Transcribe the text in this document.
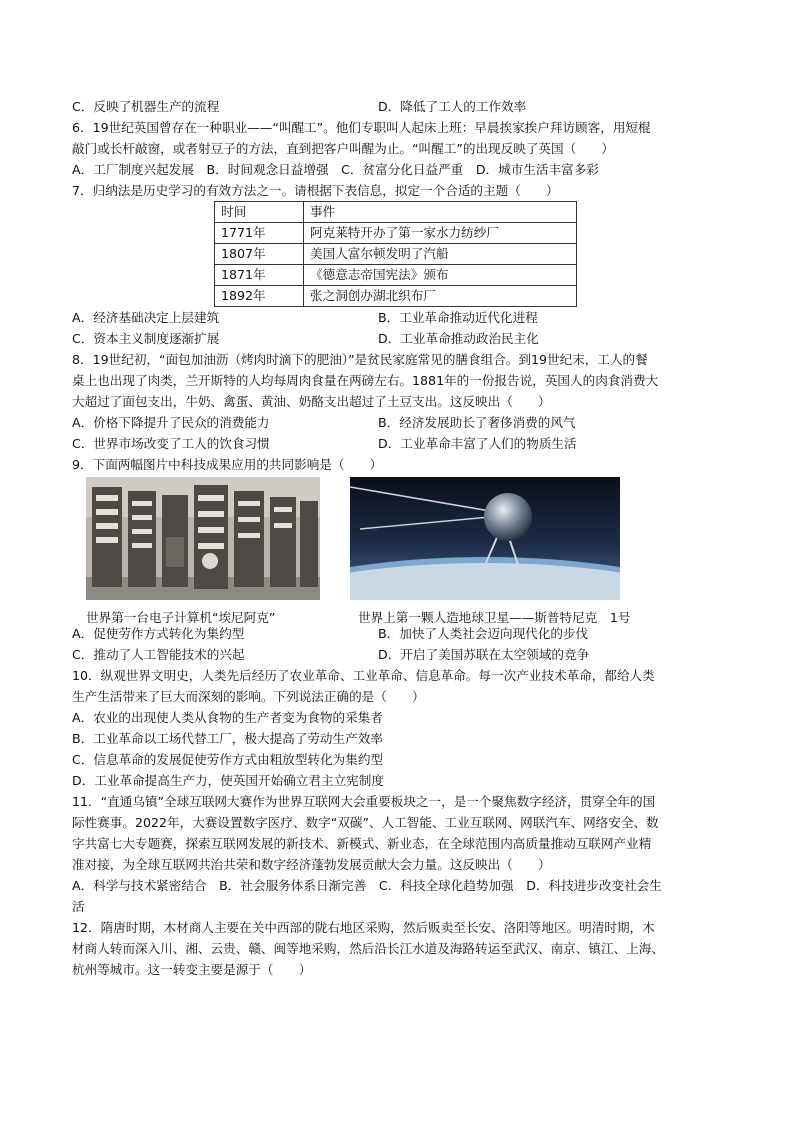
C．反映了机器生产的流程	D．降低了工人的工作效率
6．19世纪英国曾存在一种职业——“叫醒工”。他们专职叫人起床上班：早晨挨家挨户拜访顾客，用短棍
敲门或长杆敲窗，或者射豆子的方法，直到把客户叫醒为止。“叫醒工”的出现反映了英国（　　）
A．工厂制度兴起发展　B．时间观念日益增强　C．贫富分化日益严重　D．城市生活丰富多彩
7．归纳法是历史学习的有效方法之一。请根据下表信息，拟定一个合适的主题（　　）
时间	事件
1771年	阿克莱特开办了第一家水力纺纱厂
1807年	美国人富尔顿发明了汽船
1871年	《德意志帝国宪法》颁布
1892年	张之洞创办湖北织布厂
A．经济基础决定上层建筑	B．工业革命推动近代化进程
C．资本主义制度逐渐扩展	D．工业革命推动政治民主化
8．19世纪初，“面包加油沥（烤肉时滴下的肥油）”是贫民家庭常见的膳食组合。到19世纪末，工人的餐
桌上也出现了肉类，兰开斯特的人均每周肉食量在两磅左右。1881年的一份报告说，英国人的肉食消费大
大超过了面包支出，牛奶、禽蛋、黄油、奶酪支出超过了土豆支出。这反映出（　　）
A．价格下降提升了民众的消费能力	B．经济发展助长了奢侈消费的风气
C．世界市场改变了工人的饮食习惯	D．工业革命丰富了人们的物质生活
9．下面两幅图片中科技成果应用的共同影响是（　　）
世界第一台电子计算机“埃尼阿克”	世界上第一颗人造地球卫星——斯普特尼克　1号
A．促使劳作方式转化为集约型	B．加快了人类社会迈向现代化的步伐
C．推动了人工智能技术的兴起	D．开启了美国苏联在太空领域的竞争
10．纵观世界文明史，人类先后经历了农业革命、工业革命、信息革命。每一次产业技术革命，都给人类
生产生活带来了巨大而深刻的影响。下列说法正确的是（　　）
A．农业的出现使人类从食物的生产者变为食物的采集者
B．工业革命以工场代替工厂，极大提高了劳动生产效率
C．信息革命的发展促使劳作方式由粗放型转化为集约型
D．工业革命提高生产力，使英国开始确立君主立宪制度
11．“直通乌镇”全球互联网大赛作为世界互联网大会重要板块之一，是一个聚焦数字经济，贯穿全年的国
际性赛事。2022年，大赛设置数字医疗、数字“双碳”、人工智能、工业互联网、网联汽车、网络安全、数
字共富七大专题赛，探索互联网发展的新技术、新模式、新业态，在全球范围内高质量推动互联网产业精
准对接，为全球互联网共治共荣和数字经济蓬勃发展贡献大会力量。这反映出（　　）
A．科学与技术紧密结合　B．社会服务体系日渐完善　C．科技全球化趋势加强　D．科技进步改变社会生
活
12．隋唐时期，木材商人主要在关中西部的陇右地区采购，然后贩卖至长安、洛阳等地区。明清时期，木
材商人转而深入川、湘、云贵、赣、闽等地采购，然后沿长江水道及海路转运至武汉、南京、镇江、上海、
杭州等城市。这一转变主要是源于（　　）
